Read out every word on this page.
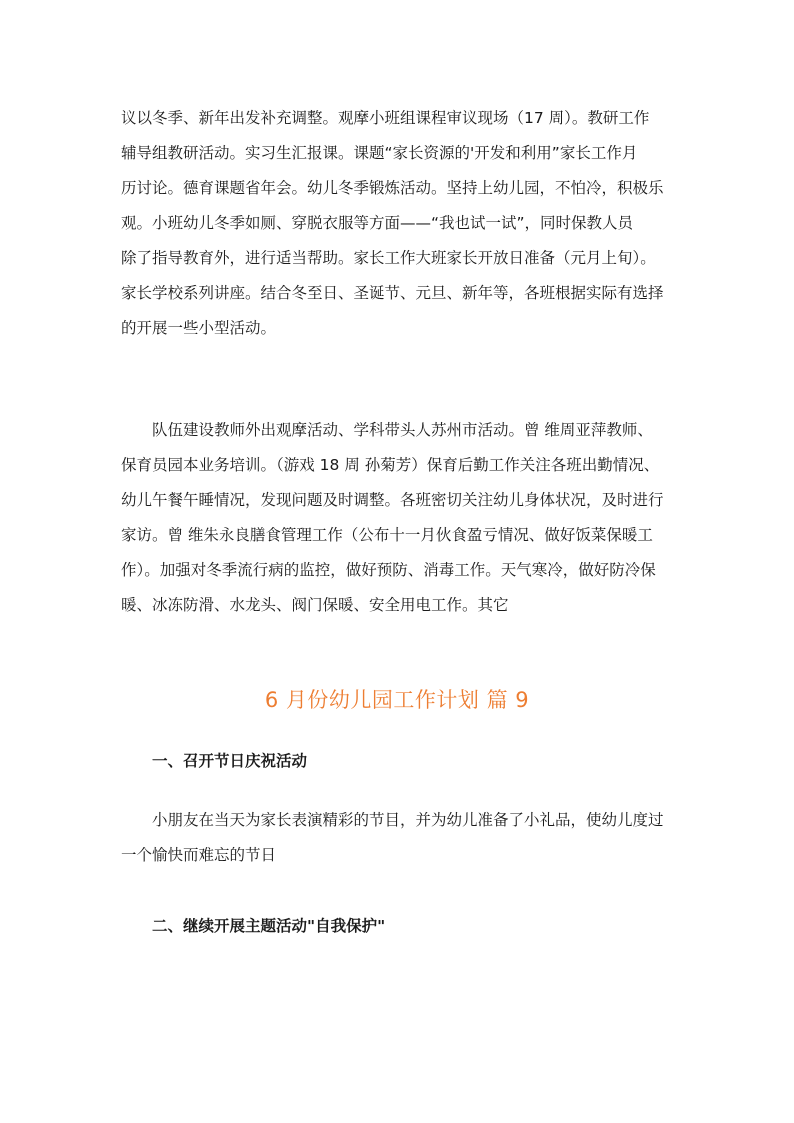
议以冬季、新年出发补充调整。观摩小班组课程审议现场（17 周）。教研工作
辅导组教研活动。实习生汇报课。课题“家长资源的'开发和利用”家长工作月
历讨论。德育课题省年会。幼儿冬季锻炼活动。坚持上幼儿园，不怕冷，积极乐
观。小班幼儿冬季如厕、穿脱衣服等方面——“我也试一试”，同时保教人员
除了指导教育外，进行适当帮助。家长工作大班家长开放日准备（元月上旬）。
家长学校系列讲座。结合冬至日、圣诞节、元旦、新年等，各班根据实际有选择
的开展一些小型活动。
队伍建设教师外出观摩活动、学科带头人苏州市活动。曾 维周亚萍教师、
保育员园本业务培训。（游戏 18 周 孙菊芳）保育后勤工作关注各班出勤情况、
幼儿午餐午睡情况，发现问题及时调整。各班密切关注幼儿身体状况，及时进行
家访。曾 维朱永良膳食管理工作（公布十一月伙食盈亏情况、做好饭菜保暖工
作）。加强对冬季流行病的监控，做好预防、消毒工作。天气寒冷，做好防冷保
暖、冰冻防滑、水龙头、阀门保暖、安全用电工作。其它
6 月份幼儿园工作计划 篇 9
一、召开节日庆祝活动
小朋友在当天为家长表演精彩的节目，并为幼儿准备了小礼品，使幼儿度过
一个愉快而难忘的节日
二、继续开展主题活动"自我保护"
